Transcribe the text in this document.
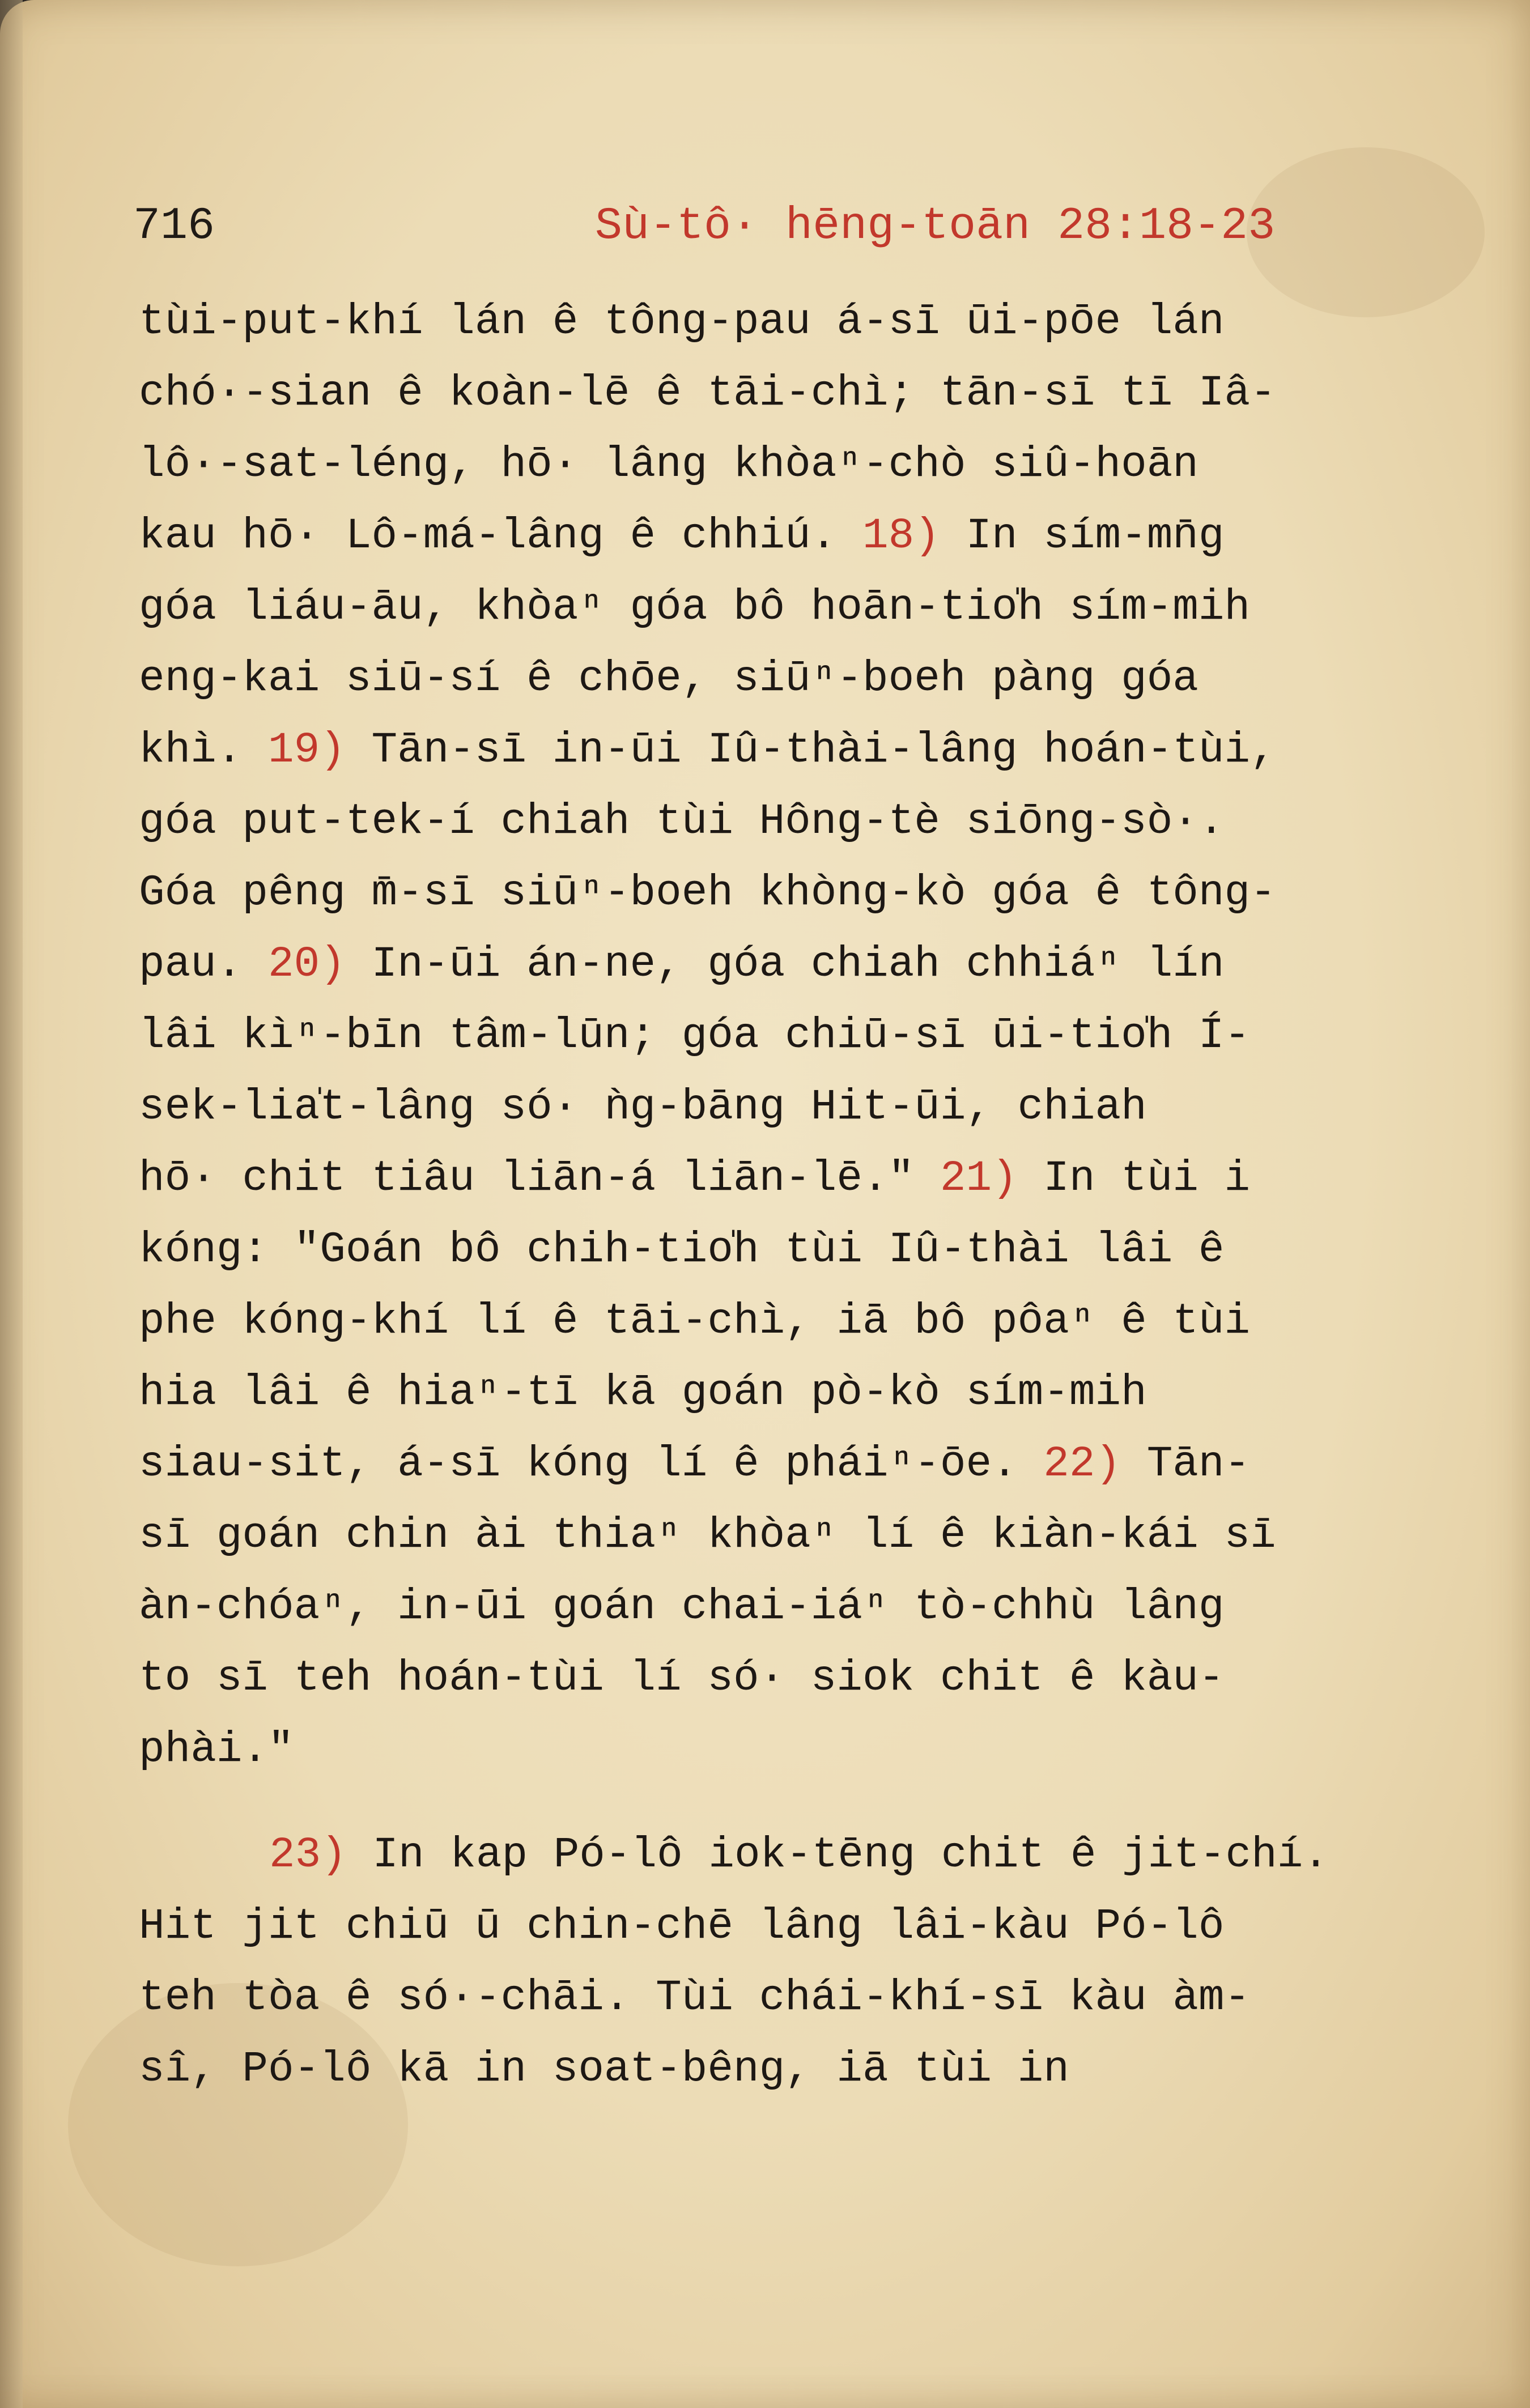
716	Sù-tô· hēng-toān 28:18-23
tùi-put-khí lán ê tông-pau á-sī ūi-pōe lán
chó·-sian ê koàn-lē ê tāi-chì; tān-sī tī Iâ-
lô·-sat-léng, hō· lâng khòaⁿ-chò siû-hoān
kau hō· Lô-má-lâng ê chhiú. 18) In sím-mn̄g
góa liáu-āu, khòaⁿ góa bô hoān-tio̍h sím-mih
eng-kai siū-sí ê chōe, siūⁿ-boeh pàng góa
khì. 19) Tān-sī in-ūi Iû-thài-lâng hoán-tùi,
góa put-tek-í chiah tùi Hông-tè siōng-sò·.
Góa pêng m̄-sī siūⁿ-boeh khòng-kò góa ê tông-
pau. 20) In-ūi án-ne, góa chiah chhiáⁿ lín
lâi kìⁿ-bīn tâm-lūn; góa chiū-sī ūi-tio̍h Í-
sek-lia̍t-lâng só· ǹg-bāng Hit-ūi, chiah
hō· chit tiâu liān-á liān-lē." 21) In tùi i
kóng: "Goán bô chih-tio̍h tùi Iû-thài lâi ê
phe kóng-khí lí ê tāi-chì, iā bô pôaⁿ ê tùi
hia lâi ê hiaⁿ-tī kā goán pò-kò sím-mih
siau-sit, á-sī kóng lí ê pháiⁿ-ōe. 22) Tān-
sī goán chin ài thiaⁿ khòaⁿ lí ê kiàn-kái sī
àn-chóaⁿ, in-ūi goán chai-iáⁿ tò-chhù lâng
to sī teh hoán-tùi lí só· siok chit ê kàu-
phài."
23) In kap Pó-lô iok-tēng chit ê jit-chí.
Hit jit chiū ū chin-chē lâng lâi-kàu Pó-lô
teh tòa ê só·-chāi. Tùi chái-khí-sī kàu àm-
sî, Pó-lô kā in soat-bêng, iā tùi in
